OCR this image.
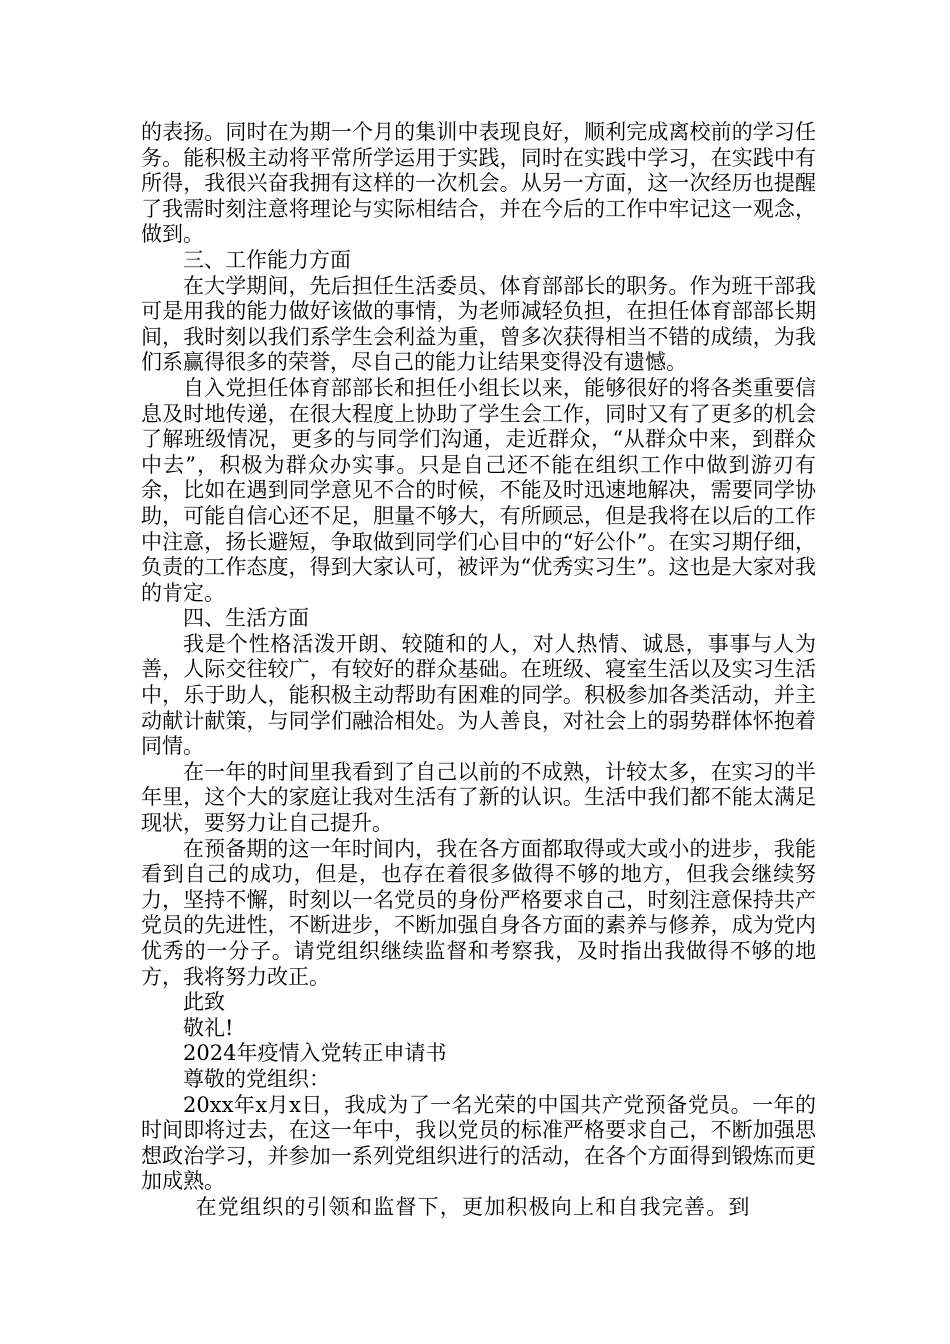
的表扬。同时在为期一个月的集训中表现良好，顺利完成离校前的学习任务。能积极主动将平常所学运用于实践，同时在实践中学习，在实践中有所得，我很兴奋我拥有这样的一次机会。从另一方面，这一次经历也提醒了我需时刻注意将理论与实际相结合，并在今后的工作中牢记这一观念，做到。

三、工作能力方面

在大学期间，先后担任生活委员、体育部部长的职务。作为班干部我可是用我的能力做好该做的事情，为老师减轻负担，在担任体育部部长期间，我时刻以我们系学生会利益为重，曾多次获得相当不错的成绩，为我们系赢得很多的荣誉，尽自己的能力让结果变得没有遗憾。

自入党担任体育部部长和担任小组长以来，能够很好的将各类重要信息及时地传递，在很大程度上协助了学生会工作，同时又有了更多的机会了解班级情况，更多的与同学们沟通，走近群众，“从群众中来，到群众中去”，积极为群众办实事。只是自己还不能在组织工作中做到游刃有余，比如在遇到同学意见不合的时候，不能及时迅速地解决，需要同学协助，可能自信心还不足，胆量不够大，有所顾忌，但是我将在以后的工作中注意，扬长避短，争取做到同学们心目中的“好公仆”。在实习期仔细，负责的工作态度，得到大家认可，被评为“优秀实习生”。这也是大家对我的肯定。

四、生活方面

我是个性格活泼开朗、较随和的人，对人热情、诚恳，事事与人为善，人际交往较广，有较好的群众基础。在班级、寝室生活以及实习生活中，乐于助人，能积极主动帮助有困难的同学。积极参加各类活动，并主动献计献策，与同学们融洽相处。为人善良，对社会上的弱势群体怀抱着同情。

在一年的时间里我看到了自己以前的不成熟，计较太多，在实习的半年里，这个大的家庭让我对生活有了新的认识。生活中我们都不能太满足现状，要努力让自己提升。

在预备期的这一年时间内，我在各方面都取得或大或小的进步，我能看到自己的成功，但是，也存在着很多做得不够的地方，但我会继续努力，坚持不懈，时刻以一名党员的身份严格要求自己，时刻注意保持共产党员的先进性，不断进步，不断加强自身各方面的素养与修养，成为党内优秀的一分子。请党组织继续监督和考察我，及时指出我做得不够的地方，我将努力改正。

此致

敬礼!

2024年疫情入党转正申请书

尊敬的党组织：

20xx年x月x日，我成为了一名光荣的中国共产党预备党员。一年的时间即将过去，在这一年中，我以党员的标准严格要求自己，不断加强思想政治学习，并参加一系列党组织进行的活动，在各个方面得到锻炼而更加成熟。

在党组织的引领和监督下，更加积极向上和自我完善。到
